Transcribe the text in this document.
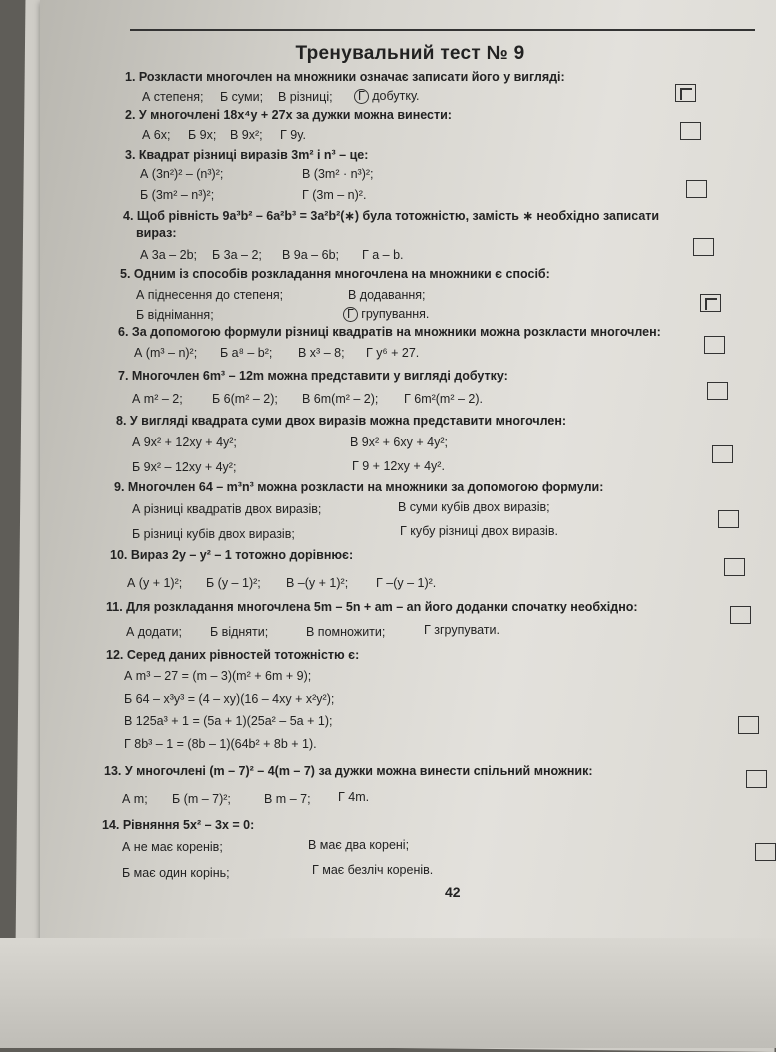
Тренувальний тест № 9
1. Розкласти многочлен на множники означає записати його у вигляді:
А степеня; Б суми; В різниці;	Г добутку.
2. У многочлені 18x⁴y + 27x за дужки можна винести:
А 6x; Б 9x; В 9x²; Г 9y.
3. Квадрат різниці виразів 3m² і n³ – це:
А (3n²)² – (n³)²;	В (3m² · n³)²;
Б (3m² – n³)²;	Г (3m – n)².
4. Щоб рівність 9a³b² – 6a²b³ = 3a²b²(∗) була тотожністю, замість ∗ необхідно записати
вираз:
А 3a – 2b; Б 3a – 2; В 9a – 6b; Г a – b.
5. Одним із способів розкладання многочлена на множники є спосіб:
А піднесення до степеня;	В додавання;
Б віднімання;	Г групування.
6. За допомогою формули різниці квадратів на множники можна розкласти многочлен:
А (m³ – n)²; Б a⁸ – b²; В x³ – 8; Г y⁶ + 27.
7. Многочлен 6m³ – 12m можна представити у вигляді добутку:
А m² – 2; Б 6(m² – 2); В 6m(m² – 2); Г 6m²(m² – 2).
8. У вигляді квадрата суми двох виразів можна представити многочлен:
А 9x² + 12xy + 4y²;	В 9x² + 6xy + 4y²;
Б 9x² – 12xy + 4y²;	Г 9 + 12xy + 4y².
9. Многочлен 64 – m³n³ можна розкласти на множники за допомогою формули:
А різниці квадратів двох виразів;	В суми кубів двох виразів;
Б різниці кубів двох виразів;	Г кубу різниці двох виразів.
10. Вираз 2y – y² – 1 тотожно дорівнює:
А (y + 1)²; Б (y – 1)²; В –(y + 1)²; Г –(y – 1)².
11. Для розкладання многочлена 5m – 5n + am – an його доданки спочатку необхідно:
А додати; Б відняти;	В помножити;	Г згрупувати.
12. Серед даних рівностей тотожністю є:
А m³ – 27 = (m – 3)(m² + 6m + 9);
Б 64 – x³y³ = (4 – xy)(16 – 4xy + x²y²);
В 125a³ + 1 = (5a + 1)(25a² – 5a + 1);
Г 8b³ – 1 = (8b – 1)(64b² + 8b + 1).
13. У многочлені (m – 7)² – 4(m – 7) за дужки можна винести спільний множник:
А m; Б (m – 7)²;	В m – 7; Г 4m.
14. Рівняння 5x² – 3x = 0:
А не має коренів;	В має два корені;
Б має один корінь;	Г має безліч коренів.
42
